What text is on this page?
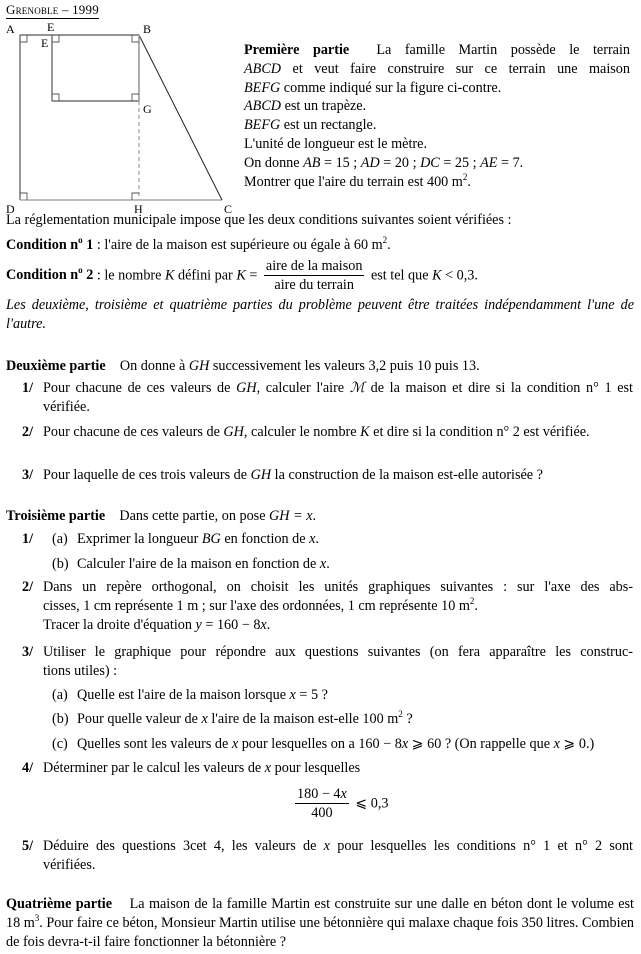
Grenoble – 1999
A	E
E
B
G
D	H	C

Première partie La famille Martin possède le terrain

ABCD et veut faire construire sur ce terrain une maison

BEFG comme indiqué sur la figure ci-contre.

ABCD est un trapèze.

BEFG est un rectangle.

L'unité de longueur est le mètre.

On donne AB = 15 ; AD = 20 ; DC = 25 ; AE = 7.

Montrer que l'aire du terrain est 400 $m^2$.

La réglementation municipale impose que les deux conditions suivantes soient vérifiées :
Condition $n^o$ 1 : l'aire de la maison est supérieure ou égale à 60 $m^2$.
Condition $n^o$ 2 : le nombre K défini par $K = \frac{\text{aire de la maison}}{\text{aire du terrain}}$ est tel que K < 0,3.
Les deuxième, troisième et quatrième parties du problème peuvent être traitées indépendamment l'une de l'autre.
Deuxième partie On donne à GH successivement les valeurs 3,2 puis 10 puis 13.
1/ Pour chacune de ces valeurs de GH, calculer l'aire ℳ de la maison et dire si la condition n° 1 est vérifiée.
2/ Pour chacune de ces valeurs de GH, calculer le nombre K et dire si la condition n° 2 est vérifiée.
3/ Pour laquelle de ces trois valeurs de GH la construction de la maison est-elle autorisée ?
Troisième partie Dans cette partie, on pose GH = x.
1/ (a) Exprimer la longueur BG en fonction de x.
(b) Calculer l'aire de la maison en fonction de x.
2/ Dans un repère orthogonal, on choisit les unités graphiques suivantes : sur l'axe des abs-
cisses, 1 cm représente 1 m ; sur l'axe des ordonnées, 1 cm représente 10 $m^2$.
Tracer la droite d'équation y = 160 − 8x.
3/ Utiliser le graphique pour répondre aux questions suivantes (on fera apparaître les construc-
tions utiles) :
(a) Quelle est l'aire de la maison lorsque x = 5 ?
(b) Pour quelle valeur de x l'aire de la maison est-elle 100 $m^2$ ?
(c) Quelles sont les valeurs de x pour lesquelles on a 160 − 8x ⩾ 60 ? (On rappelle que x ⩾ 0.)
4/ Déterminer par le calcul les valeurs de x pour lesquelles
$\frac{180 - 4x}{400}$ ⩽ 0,3
5/ Déduire des questions 3cet 4, les valeurs de x pour lesquelles les conditions n° 1 et n° 2 sont
vérifiées.

Quatrième partie La maison de la famille Martin est construite sur une dalle en béton dont le volume est 18 $m^3$. Pour faire ce béton, Monsieur Martin utilise une bétonnière qui malaxe chaque fois 350 litres. Combien de fois devra-t-il faire fonctionner la bétonnière ?
